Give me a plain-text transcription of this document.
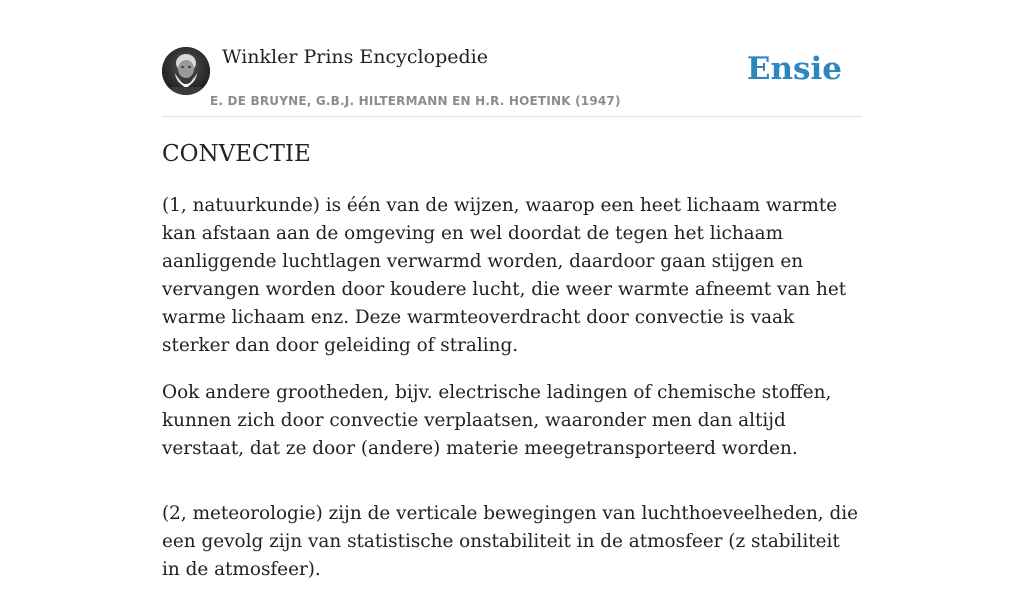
Winkler Prins Encyclopedie
E. DE BRUYNE, G.B.J. HILTERMANN EN H.R. HOETINK (1947)
Ensie
CONVECTIE

(1, natuurkunde) is één van de wijzen, waarop een heet lichaam warmte kan afstaan aan de omgeving en wel doordat de tegen het lichaam aanliggende luchtlagen verwarmd worden, daardoor gaan stijgen en vervangen worden door koudere lucht, die weer warmte afneemt van het warme lichaam enz. Deze warmteoverdracht door convectie is vaak sterker dan door geleiding of straling.

Ook andere grootheden, bijv. electrische ladingen of chemische stoffen, kunnen zich door convectie verplaatsen, waaronder men dan altijd verstaat, dat ze door (andere) materie meegetransporteerd worden.

(2, meteorologie) zijn de verticale bewegingen van luchthoeveelheden, die een gevolg zijn van statistische onstabiliteit in de atmosfeer (z stabiliteit in de atmosfeer).
